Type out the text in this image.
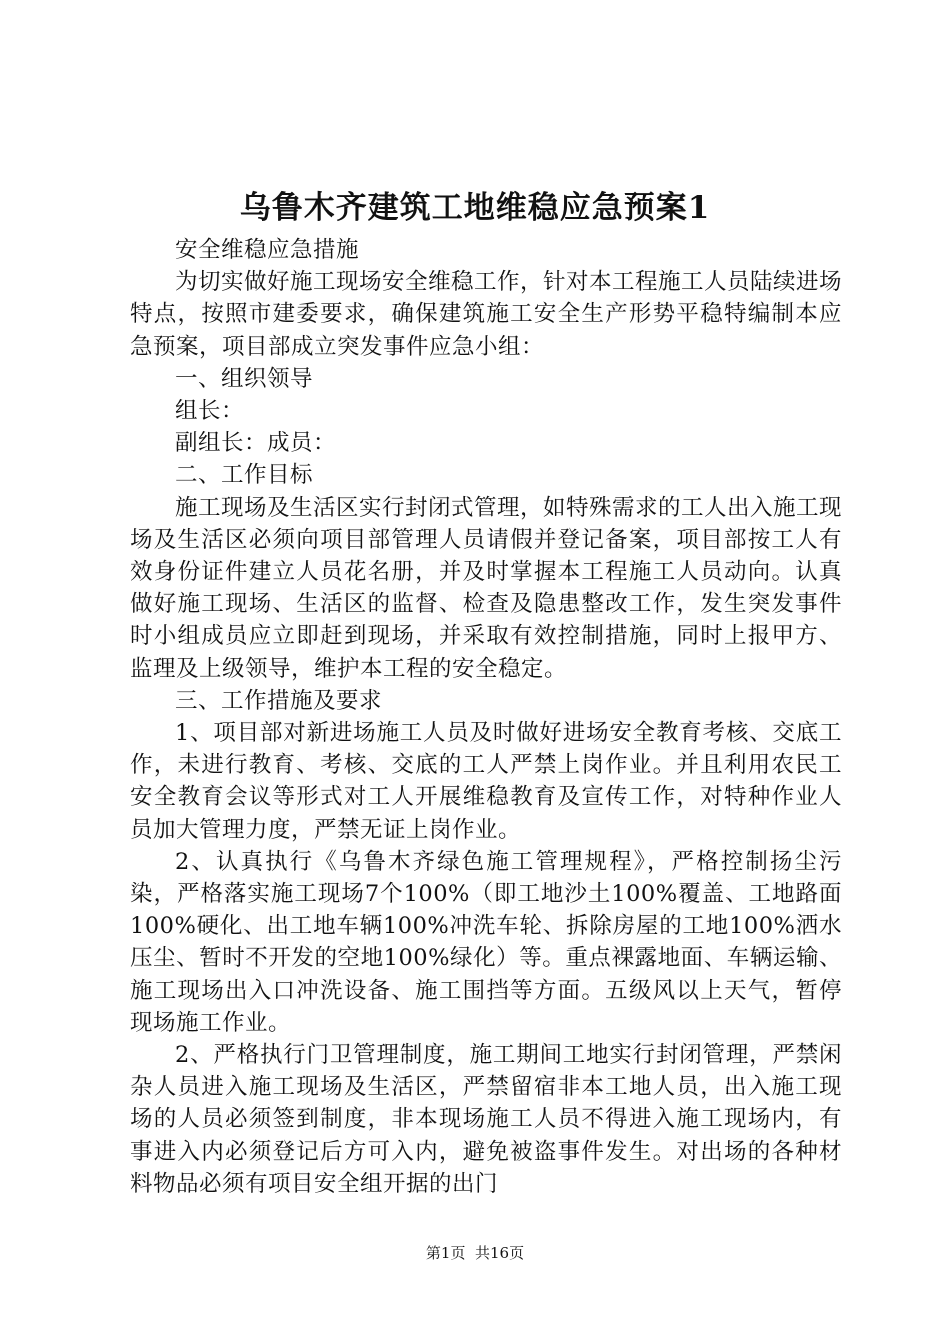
乌鲁木齐建筑工地维稳应急预案1

安全维稳应急措施

为切实做好施工现场安全维稳工作，针对本工程施工人员陆续进场特点，按照市建委要求，确保建筑施工安全生产形势平稳特编制本应急预案，项目部成立突发事件应急小组：

一、组织领导

组长：

副组长：成员：

二、工作目标

施工现场及生活区实行封闭式管理，如特殊需求的工人出入施工现场及生活区必须向项目部管理人员请假并登记备案，项目部按工人有效身份证件建立人员花名册，并及时掌握本工程施工人员动向。认真做好施工现场、生活区的监督、检查及隐患整改工作，发生突发事件时小组成员应立即赶到现场，并采取有效控制措施，同时上报甲方、监理及上级领导，维护本工程的安全稳定。

三、工作措施及要求

1、项目部对新进场施工人员及时做好进场安全教育考核、交底工作，未进行教育、考核、交底的工人严禁上岗作业。并且利用农民工安全教育会议等形式对工人开展维稳教育及宣传工作，对特种作业人员加大管理力度，严禁无证上岗作业。

2、认真执行《乌鲁木齐绿色施工管理规程》，严格控制扬尘污染，严格落实施工现场7个100%（即工地沙土100%覆盖、工地路面100%硬化、出工地车辆100%冲洗车轮、拆除房屋的工地100%洒水压尘、暂时不开发的空地100%绿化）等。重点裸露地面、车辆运输、施工现场出入口冲洗设备、施工围挡等方面。五级风以上天气，暂停现场施工作业。

2、严格执行门卫管理制度，施工期间工地实行封闭管理，严禁闲杂人员进入施工现场及生活区，严禁留宿非本工地人员，出入施工现场的人员必须签到制度，非本现场施工人员不得进入施工现场内，有事进入内必须登记后方可入内，避免被盗事件发生。对出场的各种材料物品必须有项目安全组开据的出门

第1页 共16页
